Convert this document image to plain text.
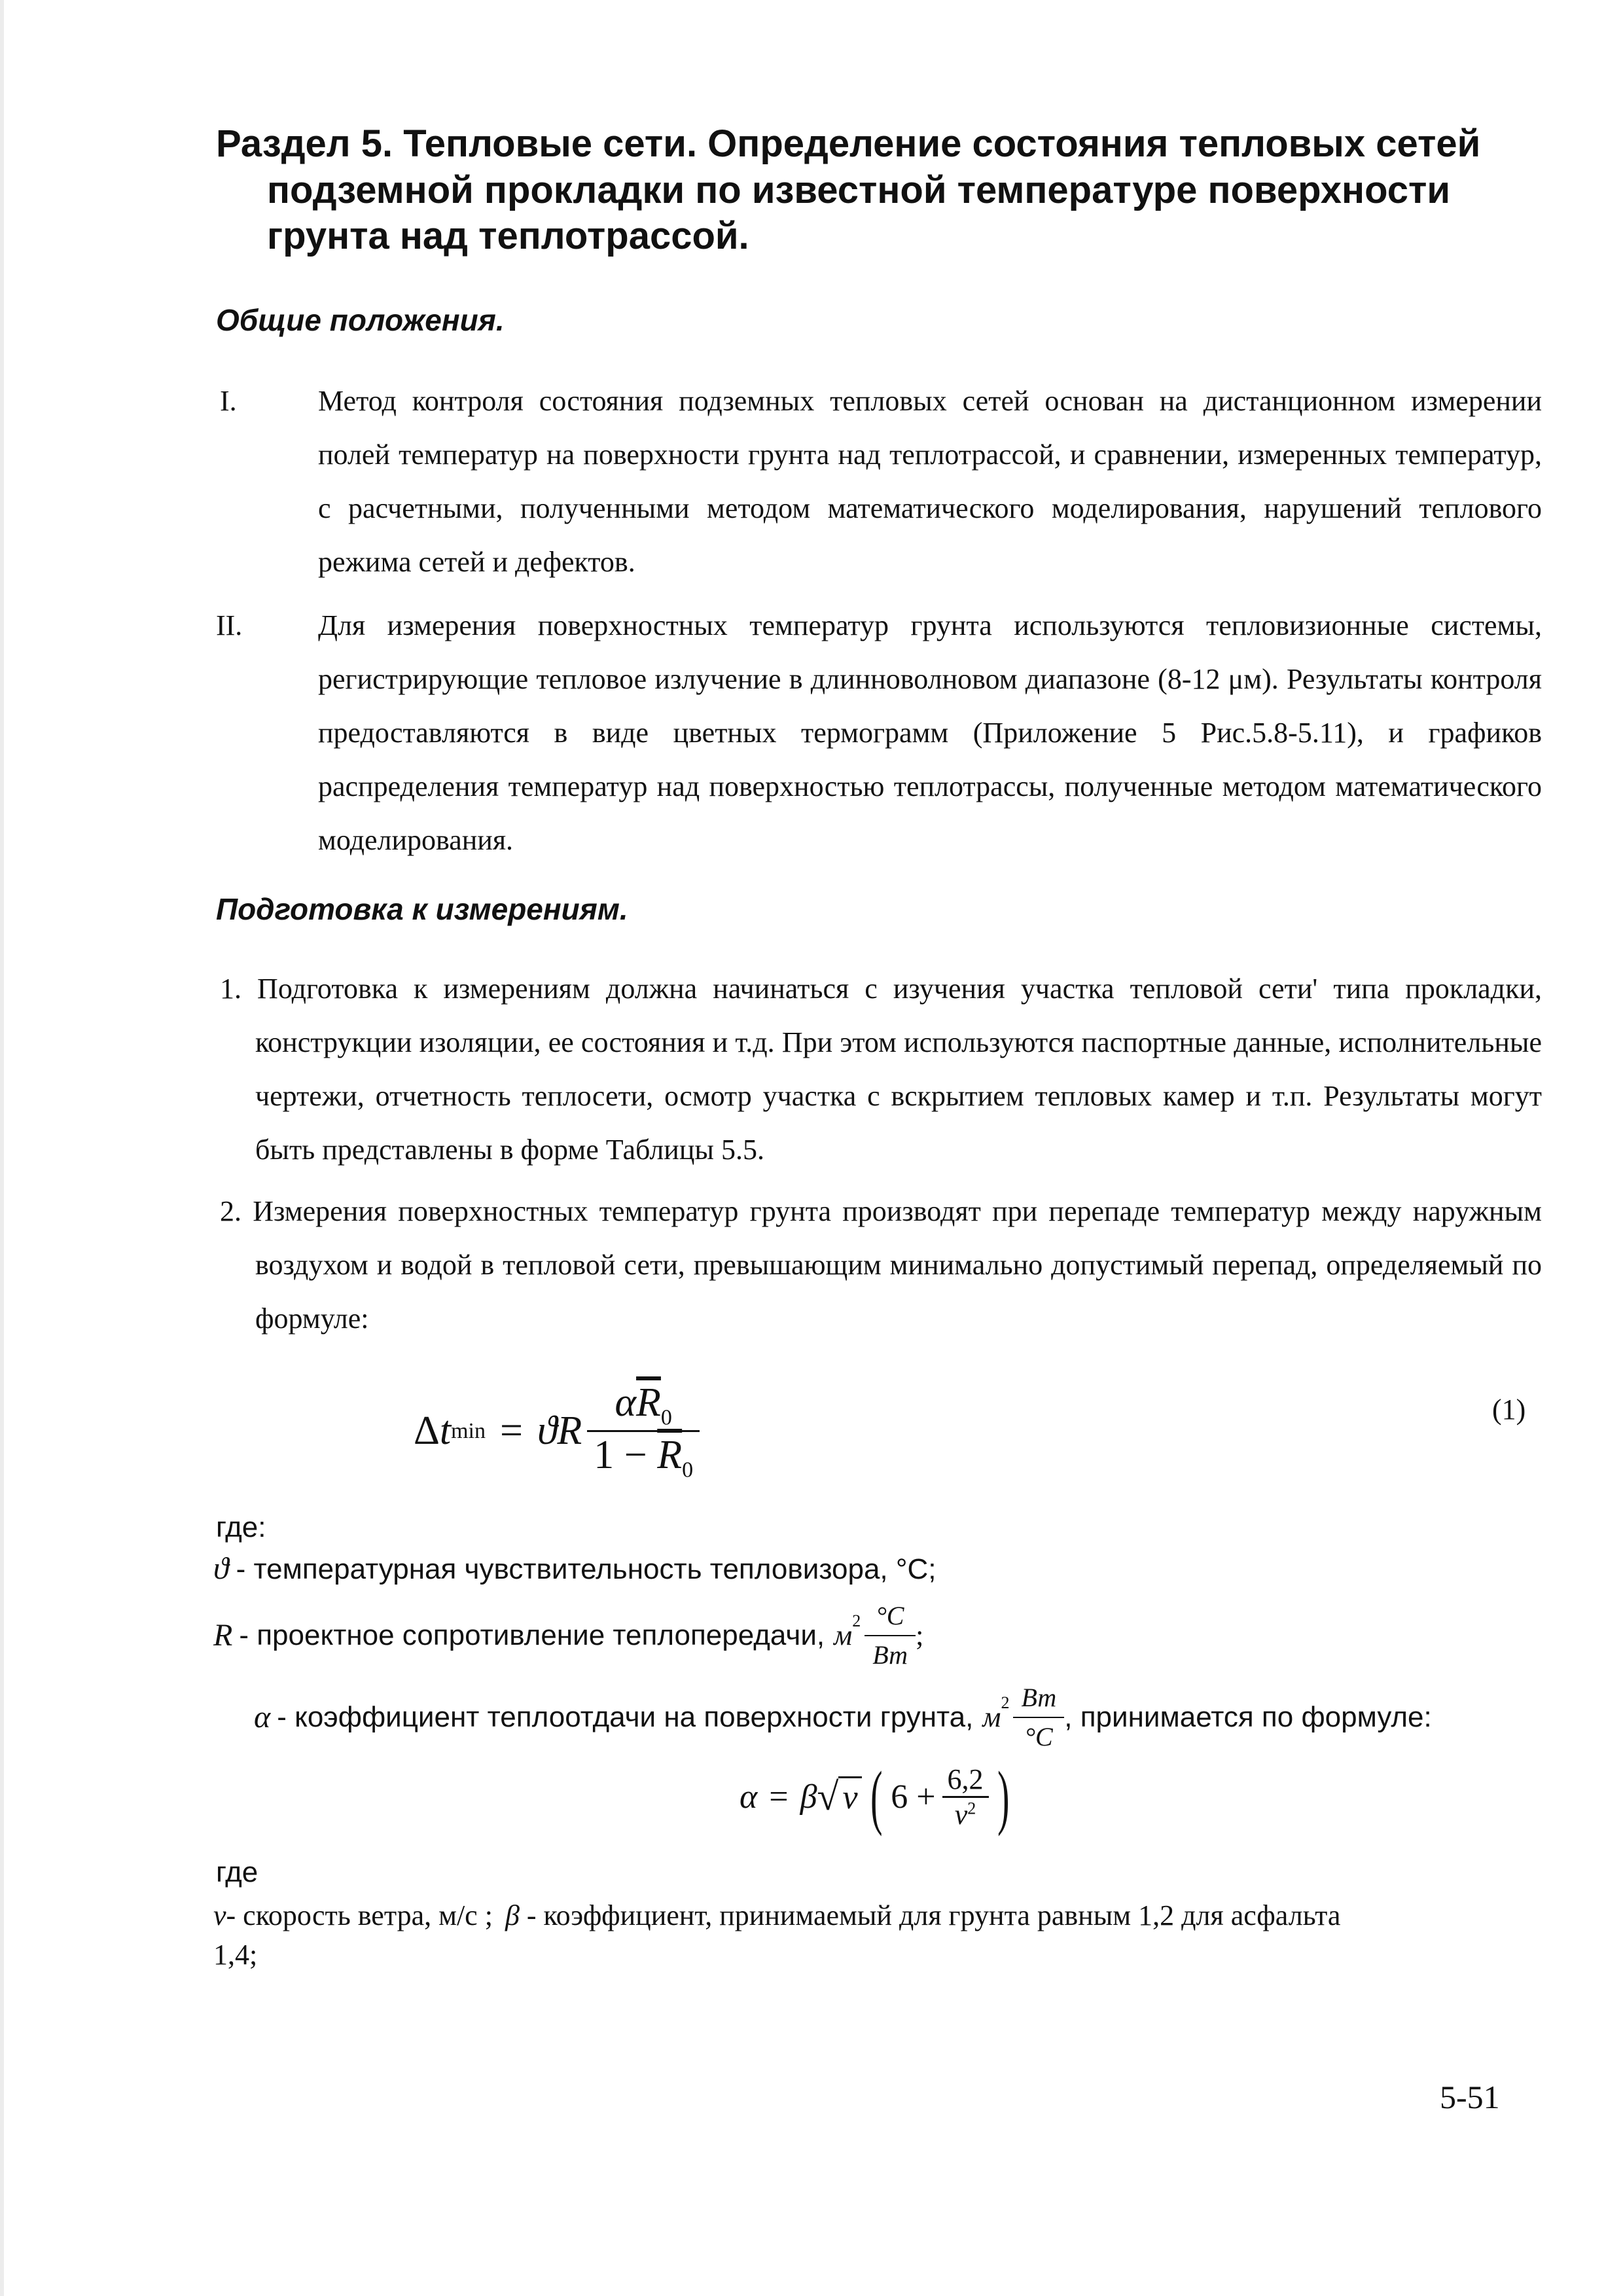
Раздел 5. Тепловые сети. Определение состояния тепловых сетей
подземной прокладки по известной температуре поверхности грунта над теплотрассой.
Общие положения.
I.	Метод контроля состояния подземных тепловых сетей основан на дистанционном измерении полей температур на поверхности грунта над теплотрассой, и сравнении, измеренных температур, с расчетными, полученными методом математического моделирования, нарушений теплового режима сетей и дефектов.
II.	Для измерения поверхностных температур грунта используются тепловизионные системы, регистрирующие тепловое излучение в длинноволновом диапазоне (8-12 μм). Результаты контроля предоставляются в виде цветных термограмм (Приложение 5 Рис.5.8-5.11), и графиков распределения температур над поверхностью теплотрассы, полученные методом математического моделирования.
Подготовка к измерениям.
1. Подготовка к измерениям должна начинаться с изучения участка тепловой сети' типа прокладки, конструкции изоляции, ее состояния и т.д. При этом используются паспортные данные, исполнительные чертежи, отчетность теплосети, осмотр участка с вскрытием тепловых камер и т.п. Результаты могут быть представлены в форме Таблицы 5.5.
2. Измерения поверхностных температур грунта производят при перепаде температур между наружным воздухом и водой в тепловой сети, превышающим минимально допустимый перепад, определяемый по формуле:
Δ t min = ϑ R $\frac{\alpha\overline{R}_0}{1 - \overline{R}_0}$	(1)
где:
ϑ - температурная чувствительность тепловизора, °С;
R - проектное сопротивление теплопередачи, $м^2 \frac{^\circ C}{Вт}$ ;
α - коэффициент теплоотдачи на поверхности грунта, $м^2 \frac{Вт}{^\circ C}$ , принимается по формуле:
α = β √ v ( $6 + \frac{6,2}{v^2}$ )
где
v- скорость ветра, м/с ; β - коэффициент, принимаемый для грунта равным 1,2 для асфальта
1,4;
5-51
